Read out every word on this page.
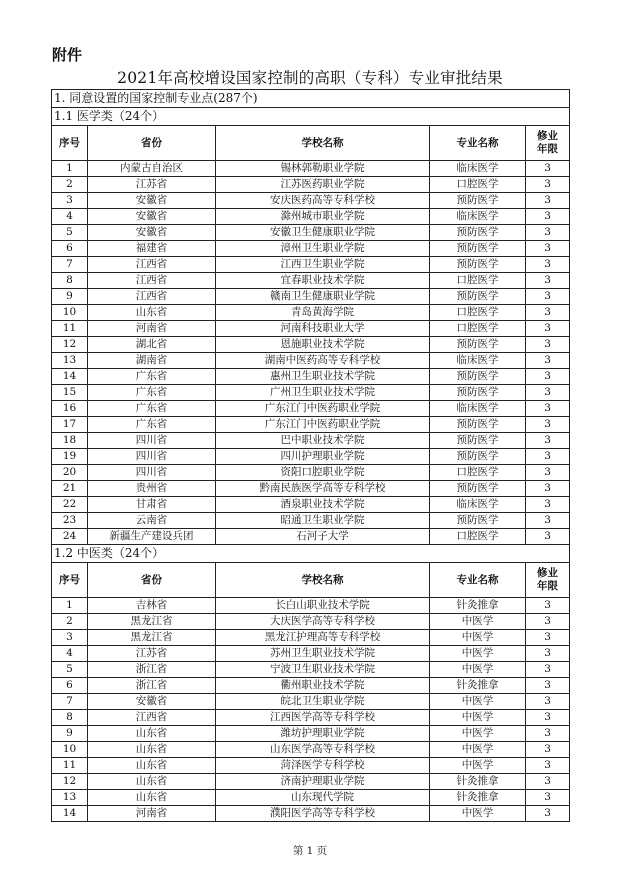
附件
2021年高校增设国家控制的高职（专科）专业审批结果
1. 同意设置的国家控制专业点(287个)				
1.1 医学类（24个）				
序号	省份	学校名称	专业名称	修业年限
1	内蒙古自治区	锡林郭勒职业学院	临床医学	3
2	江苏省	江苏医药职业学院	口腔医学	3
3	安徽省	安庆医药高等专科学校	预防医学	3
4	安徽省	滁州城市职业学院	临床医学	3
5	安徽省	安徽卫生健康职业学院	预防医学	3
6	福建省	漳州卫生职业学院	预防医学	3
7	江西省	江西卫生职业学院	预防医学	3
8	江西省	宜春职业技术学院	口腔医学	3
9	江西省	赣南卫生健康职业学院	预防医学	3
10	山东省	青岛黄海学院	口腔医学	3
11	河南省	河南科技职业大学	口腔医学	3
12	湖北省	恩施职业技术学院	预防医学	3
13	湖南省	湖南中医药高等专科学校	临床医学	3
14	广东省	惠州卫生职业技术学院	预防医学	3
15	广东省	广州卫生职业技术学院	预防医学	3
16	广东省	广东江门中医药职业学院	临床医学	3
17	广东省	广东江门中医药职业学院	预防医学	3
18	四川省	巴中职业技术学院	预防医学	3
19	四川省	四川护理职业学院	预防医学	3
20	四川省	资阳口腔职业学院	口腔医学	3
21	贵州省	黔南民族医学高等专科学校	预防医学	3
22	甘肃省	酒泉职业技术学院	临床医学	3
23	云南省	昭通卫生职业学院	预防医学	3
24	新疆生产建设兵团	石河子大学	口腔医学	3
1.2 中医类（24个）				
序号	省份	学校名称	专业名称	修业年限
1	吉林省	长白山职业技术学院	针灸推拿	3
2	黑龙江省	大庆医学高等专科学校	中医学	3
3	黑龙江省	黑龙江护理高等专科学校	中医学	3
4	江苏省	苏州卫生职业技术学院	中医学	3
5	浙江省	宁波卫生职业技术学院	中医学	3
6	浙江省	衢州职业技术学院	针灸推拿	3
7	安徽省	皖北卫生职业学院	中医学	3
8	江西省	江西医学高等专科学校	中医学	3
9	山东省	潍坊护理职业学院	中医学	3
10	山东省	山东医学高等专科学校	中医学	3
11	山东省	菏泽医学专科学校	中医学	3
12	山东省	济南护理职业学院	针灸推拿	3
13	山东省	山东现代学院	针灸推拿	3
14	河南省	濮阳医学高等专科学校	中医学	3
第 1 页
